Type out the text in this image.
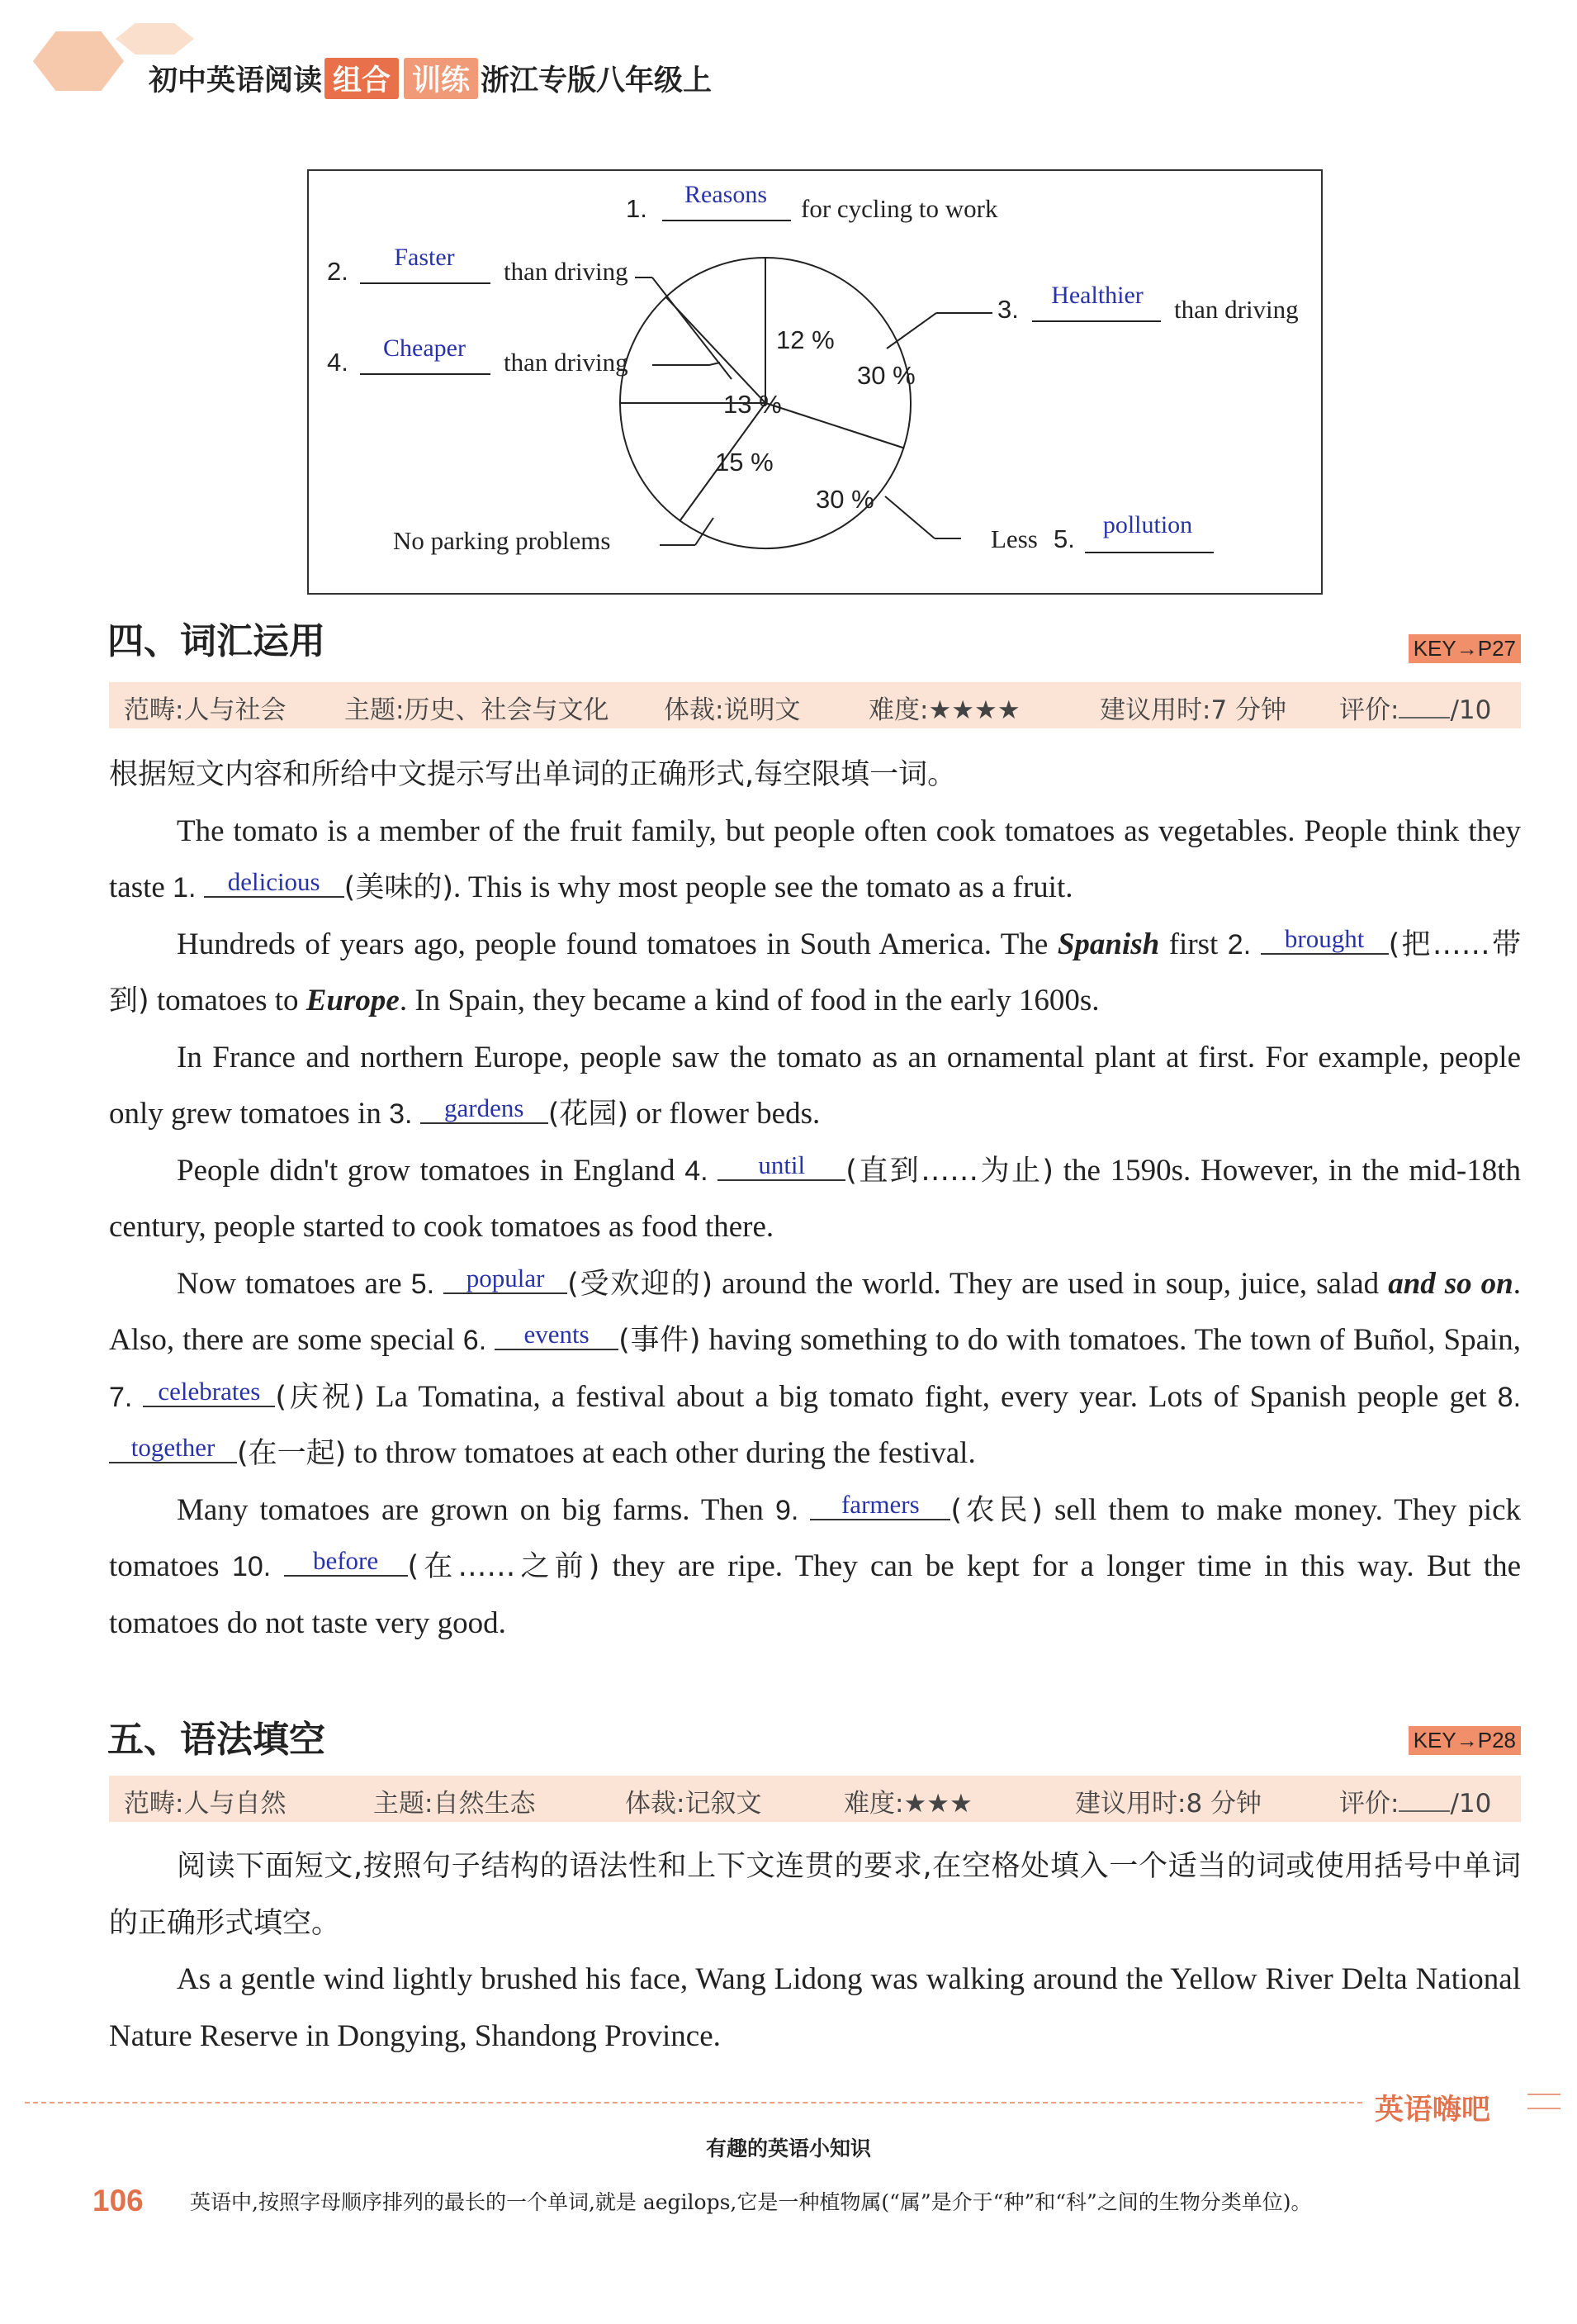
初中英语阅读 组合 训练 浙江专版八年级上
12 %
30 %
30 %
15 %
13 %
1. Reasons for cycling to work
2. Faster than driving
4. Cheaper than driving
3. Healthier than driving
Less 5. pollution
No parking problems
四、词汇运用	KEY→P27
范畴:人与社会 主题:历史、社会与文化 体裁:说明文	难度:★★★★	建议用时:7 分钟 评价: /10

根据短文内容和所给中文提示写出单词的正确形式,每空限填一词。

The tomato is a member of the fruit family, but people often cook tomatoes as vegetables. People think they taste 1. delicious (美味的). This is why most people see the tomato as a fruit.

Hundreds of years ago, people found tomatoes in South America. The Spanish first 2. brought (把……带到) tomatoes to Europe. In Spain, they became a kind of food in the early 1600s.

In France and northern Europe, people saw the tomato as an ornamental plant at first. For example, people only grew tomatoes in 3. gardens (花园) or flower beds.

People didn't grow tomatoes in England 4. until (直到……为止) the 1590s. However, in the mid-18th century, people started to cook tomatoes as food there.

Now tomatoes are 5. popular (受欢迎的) around the world. They are used in soup, juice, salad and so on. Also, there are some special 6. events (事件) having something to do with tomatoes. The town of Buñol, Spain, 7. celebrates (庆祝) La Tomatina, a festival about a big tomato fight, every year. Lots of Spanish people get 8. together (在一起) to throw tomatoes at each other during the festival.

Many tomatoes are grown on big farms. Then 9. farmers (农民) sell them to make money. They pick tomatoes 10. before (在……之前) they are ripe. They can be kept for a longer time in this way. But the tomatoes do not taste very good.

五、语法填空	KEY→P28
范畴:人与自然	主题:自然生态	体裁:记叙文	难度:★★★	建议用时:8 分钟	评价: /10

阅读下面短文,按照句子结构的语法性和上下文连贯的要求,在空格处填入一个适当的词或使用括号中单词的正确形式填空。

As a gentle wind lightly brushed his face, Wang Lidong was walking around the Yellow River Delta National Nature Reserve in Dongying, Shandong Province.

英语嗨吧
有趣的英语小知识
106 英语中,按照字母顺序排列的最长的一个单词,就是 aegilops,它是一种植物属(“属”是介于“种”和“科”之间的生物分类单位)。
